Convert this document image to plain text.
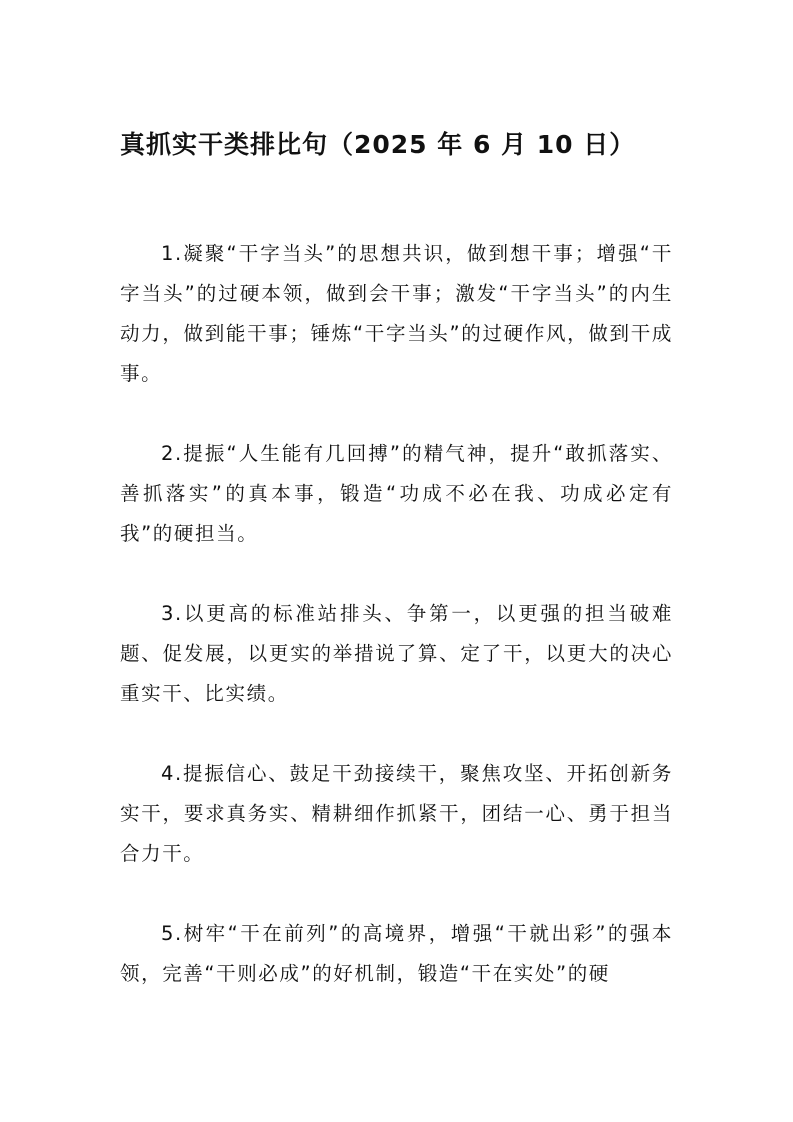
真抓实干类排比句（2025 年 6 月 10 日）

1.凝聚“干字当头”的思想共识，做到想干事；增强“干字当头”的过硬本领，做到会干事；激发“干字当头”的内生动力，做到能干事；锤炼“干字当头”的过硬作风，做到干成事。

2.提振“人生能有几回搏”的精气神，提升“敢抓落实、善抓落实”的真本事，锻造“功成不必在我、功成必定有我”的硬担当。

3.以更高的标准站排头、争第一，以更强的担当破难题、促发展，以更实的举措说了算、定了干，以更大的决心重实干、比实绩。

4.提振信心、鼓足干劲接续干，聚焦攻坚、开拓创新务实干，要求真务实、精耕细作抓紧干，团结一心、勇于担当合力干。

5.树牢“干在前列”的高境界，增强“干就出彩”的强本领，完善“干则必成”的好机制，锻造“干在实处”的硬
